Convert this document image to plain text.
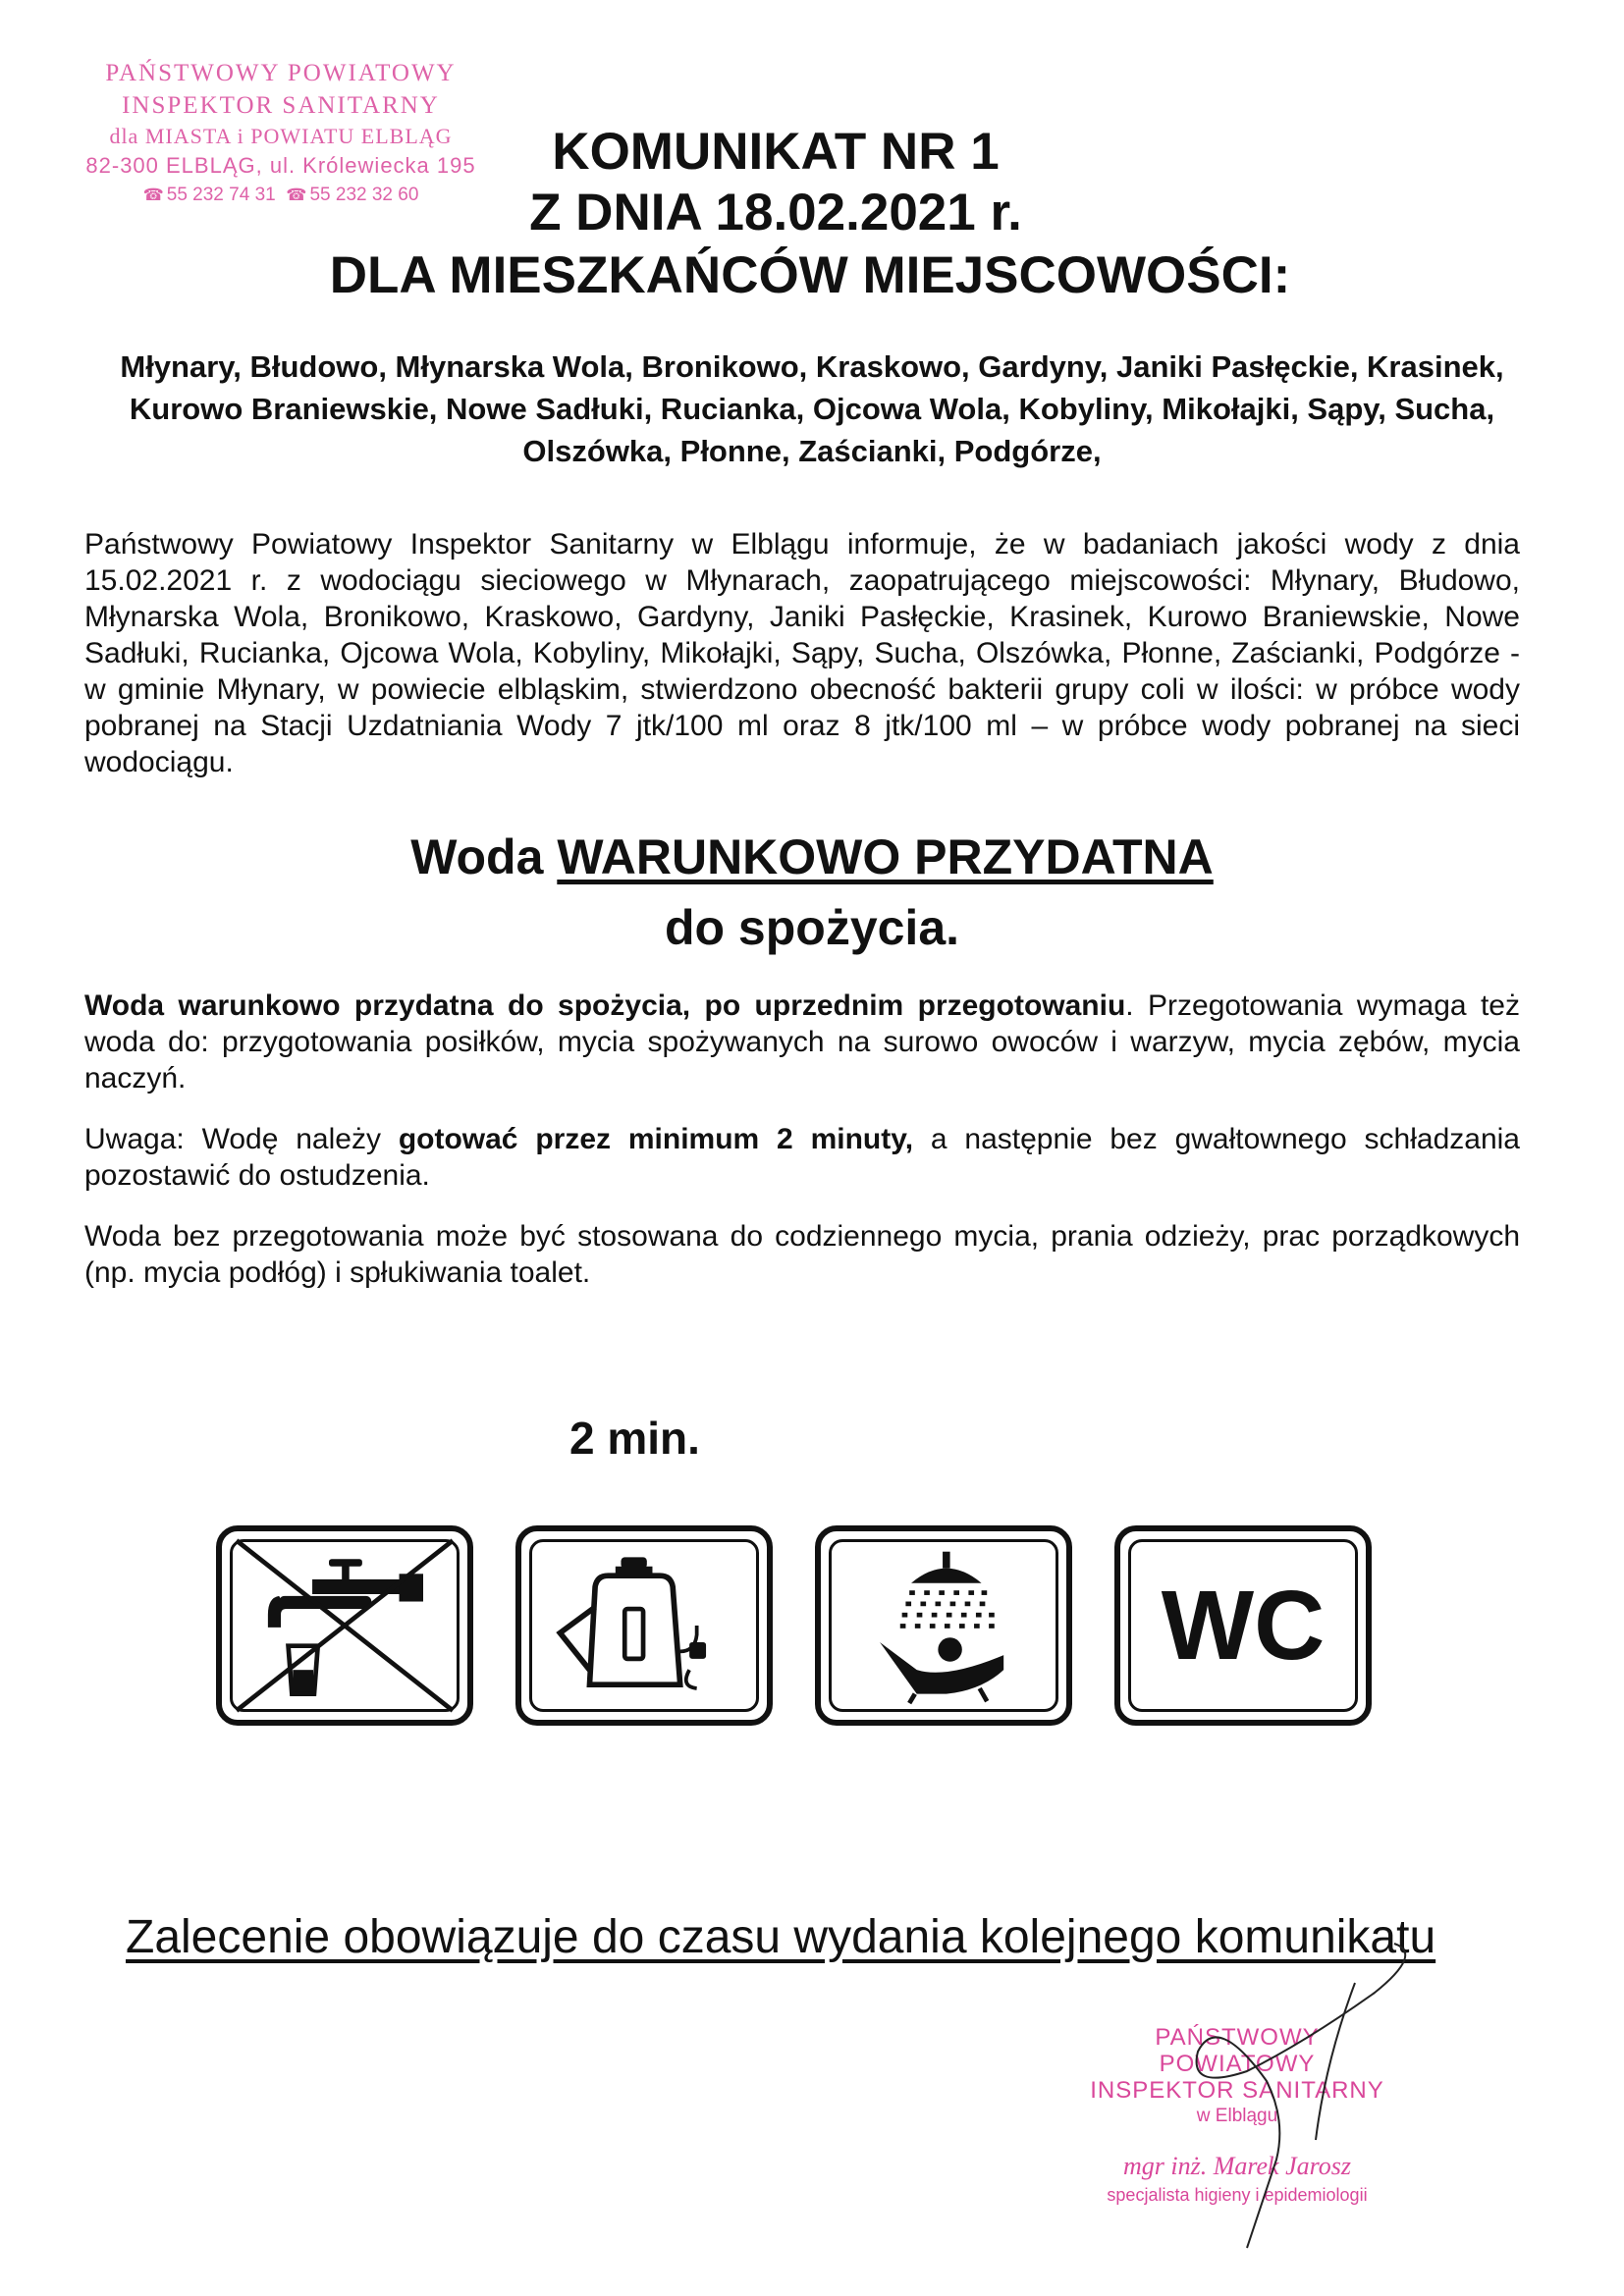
PAŃSTWOWY POWIATOWY
INSPEKTOR SANITARNY
dla MIASTA i POWIATU ELBLĄG
82-300 ELBLĄG, ul. Królewiecka 195
☎ 55 232 74 31 ☎ 55 232 32 60
KOMUNIKAT NR 1
Z DNIA 18.02.2021 r.
DLA MIESZKAŃCÓW MIEJSCOWOŚCI:
Młynary, Błudowo, Młynarska Wola, Bronikowo, Kraskowo, Gardyny, Janiki Pasłęckie, Krasinek, Kurowo Braniewskie, Nowe Sadłuki, Rucianka, Ojcowa Wola, Kobyliny, Mikołajki, Sąpy, Sucha, Olszówka, Płonne, Zaścianki, Podgórze,
Państwowy Powiatowy Inspektor Sanitarny w Elblągu informuje, że w badaniach jakości wody z dnia 15.02.2021 r. z wodociągu sieciowego w Młynarach, zaopatrującego miejscowości: Młynary, Błudowo, Młynarska Wola, Bronikowo, Kraskowo, Gardyny, Janiki Pasłęckie, Krasinek, Kurowo Braniewskie, Nowe Sadłuki, Rucianka, Ojcowa Wola, Kobyliny, Mikołajki, Sąpy, Sucha, Olszówka, Płonne, Zaścianki, Podgórze - w gminie Młynary, w powiecie elbląskim, stwierdzono obecność bakterii grupy coli w ilości: w próbce wody pobranej na Stacji Uzdatniania Wody 7 jtk/100 ml oraz 8 jtk/100 ml – w próbce wody pobranej na sieci wodociągu.
Woda WARUNKOWO PRZYDATNA
do spożycia.
Woda warunkowo przydatna do spożycia, po uprzednim przegotowaniu. Przegotowania wymaga też woda do: przygotowania posiłków, mycia spożywanych na surowo owoców i warzyw, mycia zębów, mycia naczyń.
Uwaga: Wodę należy gotować przez minimum 2 minuty, a następnie bez gwałtownego schładzania pozostawić do ostudzenia.
Woda bez przegotowania może być stosowana do codziennego mycia, prania odzieży, prac porządkowych (np. mycia podłóg) i spłukiwania toalet.
2 min.
WC
Zalecenie obowiązuje do czasu wydania kolejnego komunikatu
PAŃSTWOWY POWIATOWY
INSPEKTOR SANITARNY
w Elblągu
mgr inż. Marek Jarosz
specjalista higieny i epidemiologii
